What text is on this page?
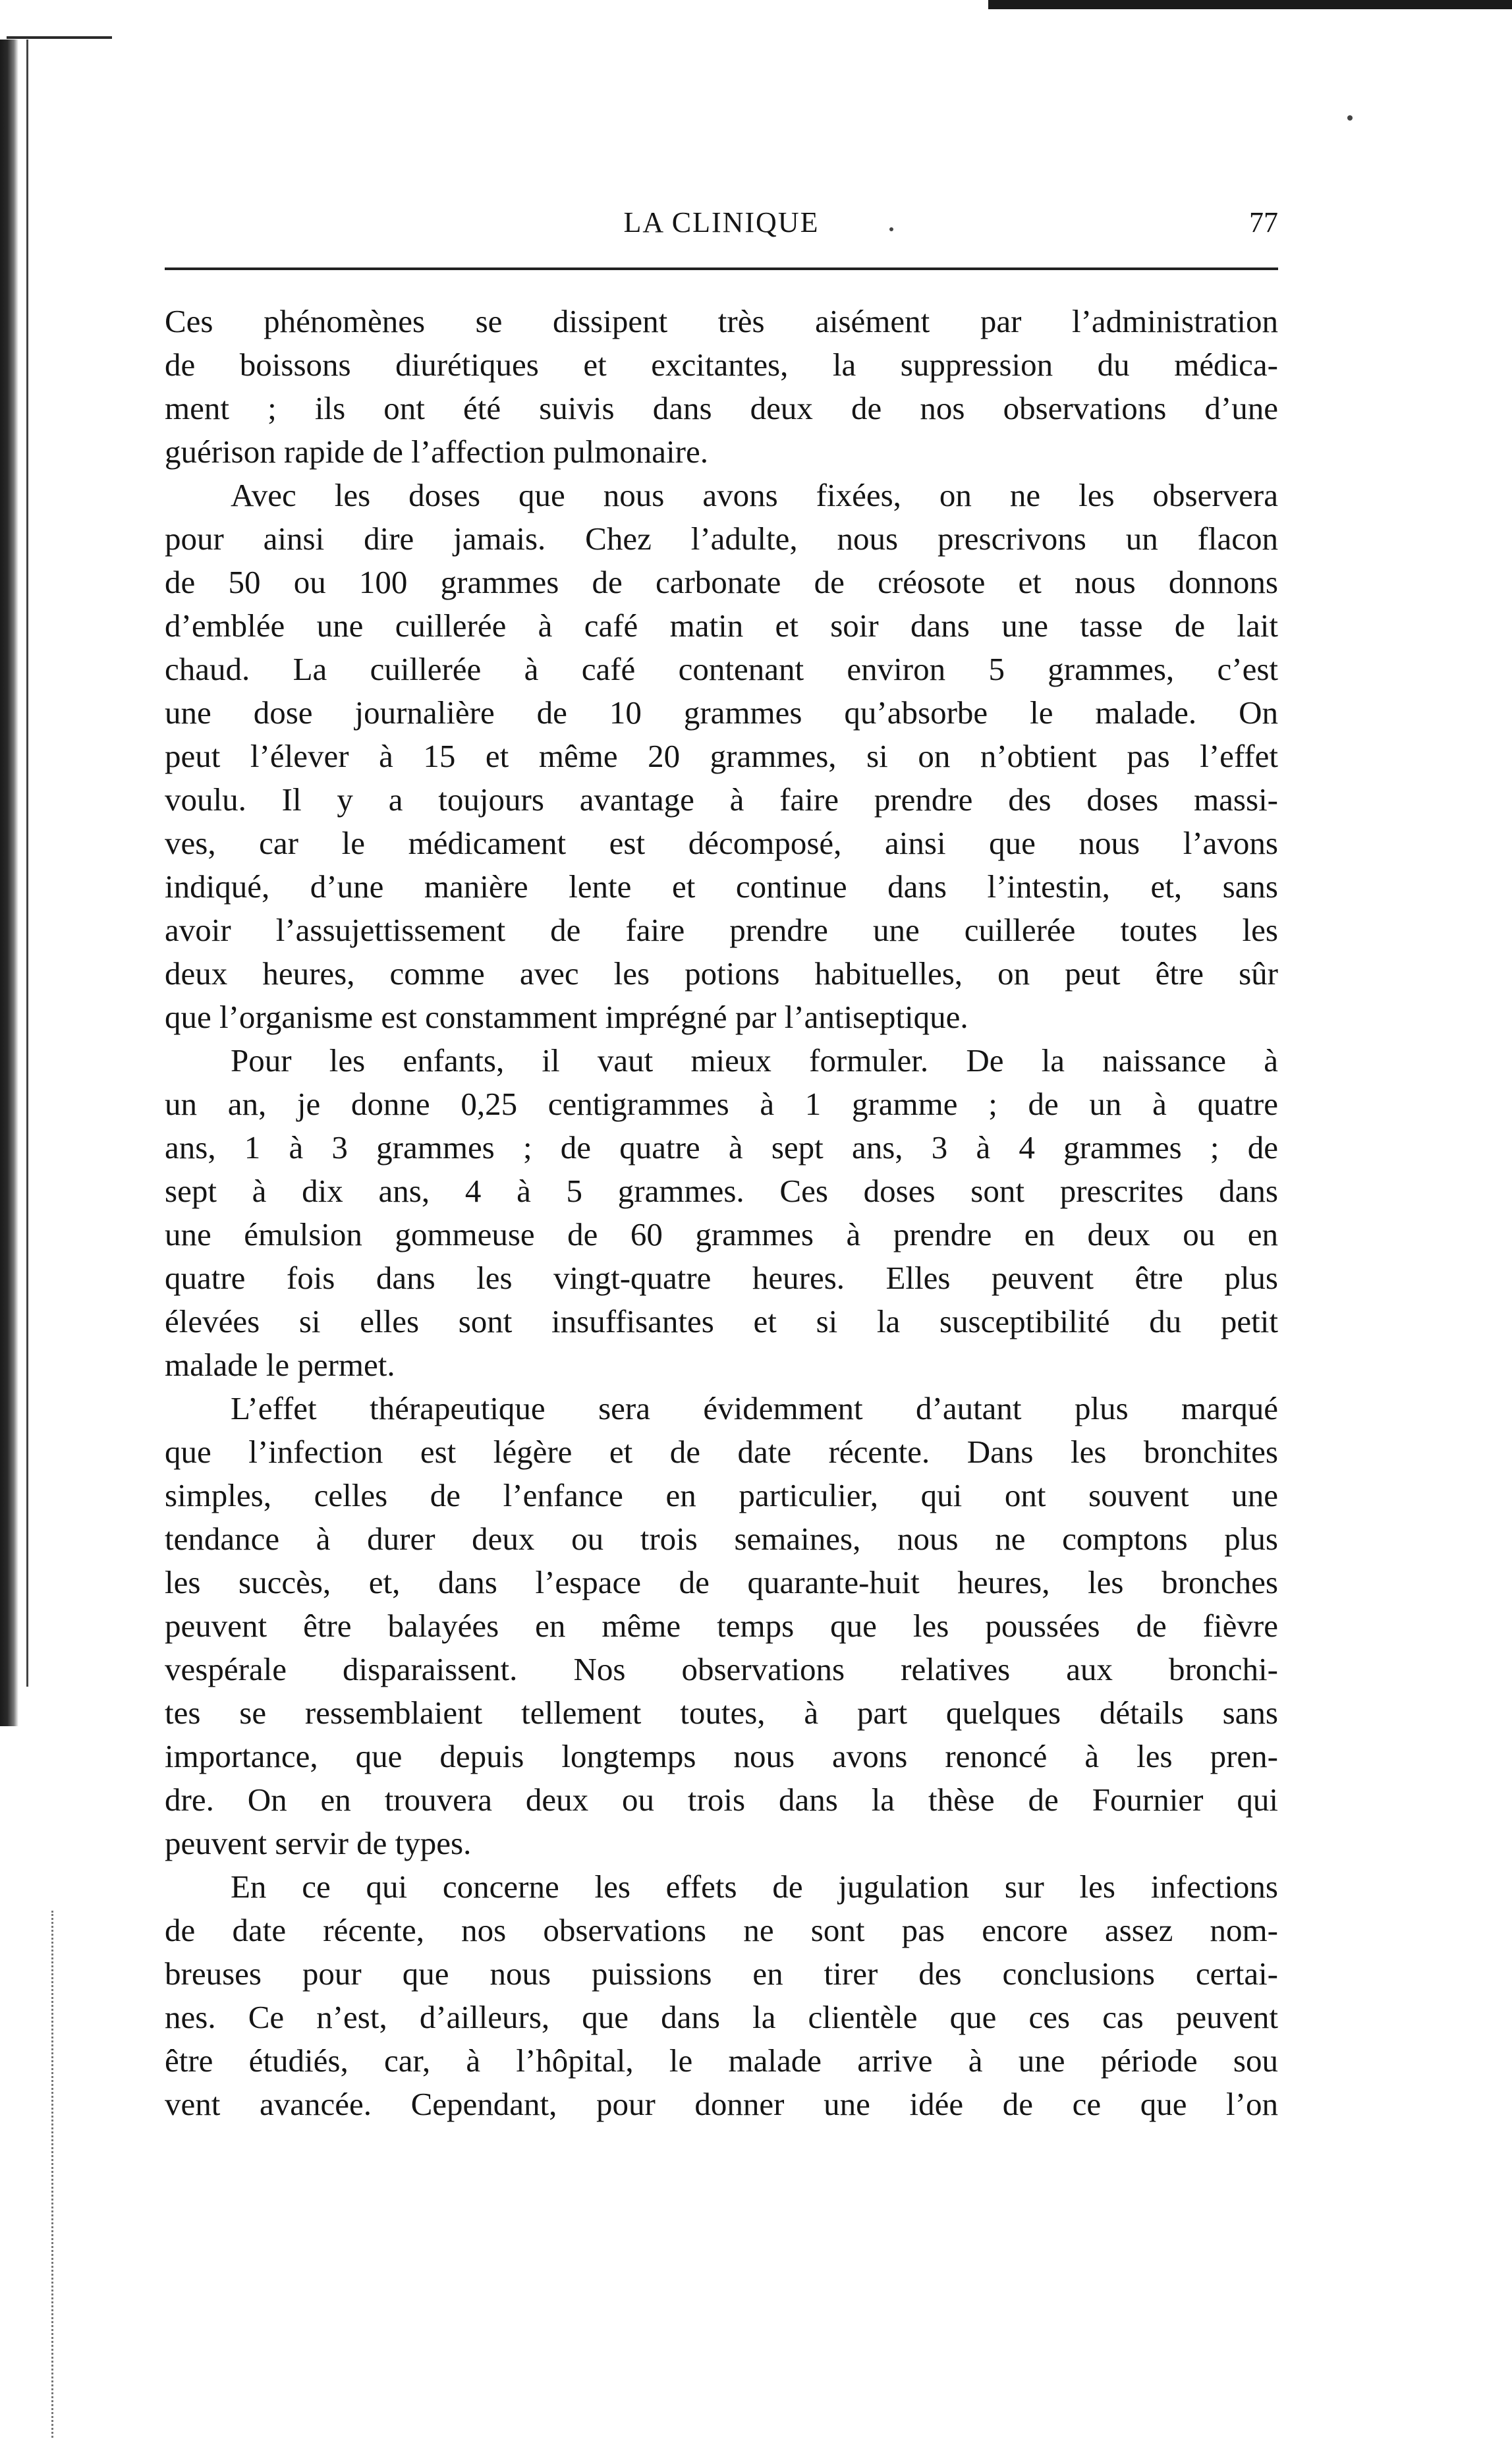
LA CLINIQUE	77
Ces phénomènes se dissipent très aisément par l’administration
de boissons diurétiques et excitantes, la suppression du médica-
ment ; ils ont été suivis dans deux de nos observations d’une
guérison rapide de l’affection pulmonaire.
Avec les doses que nous avons fixées, on ne les observera
pour ainsi dire jamais. Chez l’adulte, nous prescrivons un flacon
de 50 ou 100 grammes de carbonate de créosote et nous donnons
d’emblée une cuillerée à café matin et soir dans une tasse de lait
chaud. La cuillerée à café contenant environ 5 grammes, c’est
une dose journalière de 10 grammes qu’absorbe le malade. On
peut l’élever à 15 et même 20 grammes, si on n’obtient pas l’effet
voulu. Il y a toujours avantage à faire prendre des doses massi-
ves, car le médicament est décomposé, ainsi que nous l’avons
indiqué, d’une manière lente et continue dans l’intestin, et, sans
avoir l’assujettissement de faire prendre une cuillerée toutes les
deux heures, comme avec les potions habituelles, on peut être sûr
que l’organisme est constamment imprégné par l’antiseptique.
Pour les enfants, il vaut mieux formuler. De la naissance à
un an, je donne 0,25 centigrammes à 1 gramme ; de un à quatre
ans, 1 à 3 grammes ; de quatre à sept ans, 3 à 4 grammes ; de
sept à dix ans, 4 à 5 grammes. Ces doses sont prescrites dans
une émulsion gommeuse de 60 grammes à prendre en deux ou en
quatre fois dans les vingt-quatre heures. Elles peuvent être plus
élevées si elles sont insuffisantes et si la susceptibilité du petit
malade le permet.
L’effet thérapeutique sera évidemment d’autant plus marqué
que l’infection est légère et de date récente. Dans les bronchites
simples, celles de l’enfance en particulier, qui ont souvent une
tendance à durer deux ou trois semaines, nous ne comptons plus
les succès, et, dans l’espace de quarante-huit heures, les bronches
peuvent être balayées en même temps que les poussées de fièvre
vespérale disparaissent. Nos observations relatives aux bronchi-
tes se ressemblaient tellement toutes, à part quelques détails sans
importance, que depuis longtemps nous avons renoncé à les pren-
dre. On en trouvera deux ou trois dans la thèse de Fournier qui
peuvent servir de types.
En ce qui concerne les effets de jugulation sur les infections
de date récente, nos observations ne sont pas encore assez nom-
breuses pour que nous puissions en tirer des conclusions certai-
nes. Ce n’est, d’ailleurs, que dans la clientèle que ces cas peuvent
être étudiés, car, à l’hôpital, le malade arrive à une période sou
vent avancée. Cependant, pour donner une idée de ce que l’on
